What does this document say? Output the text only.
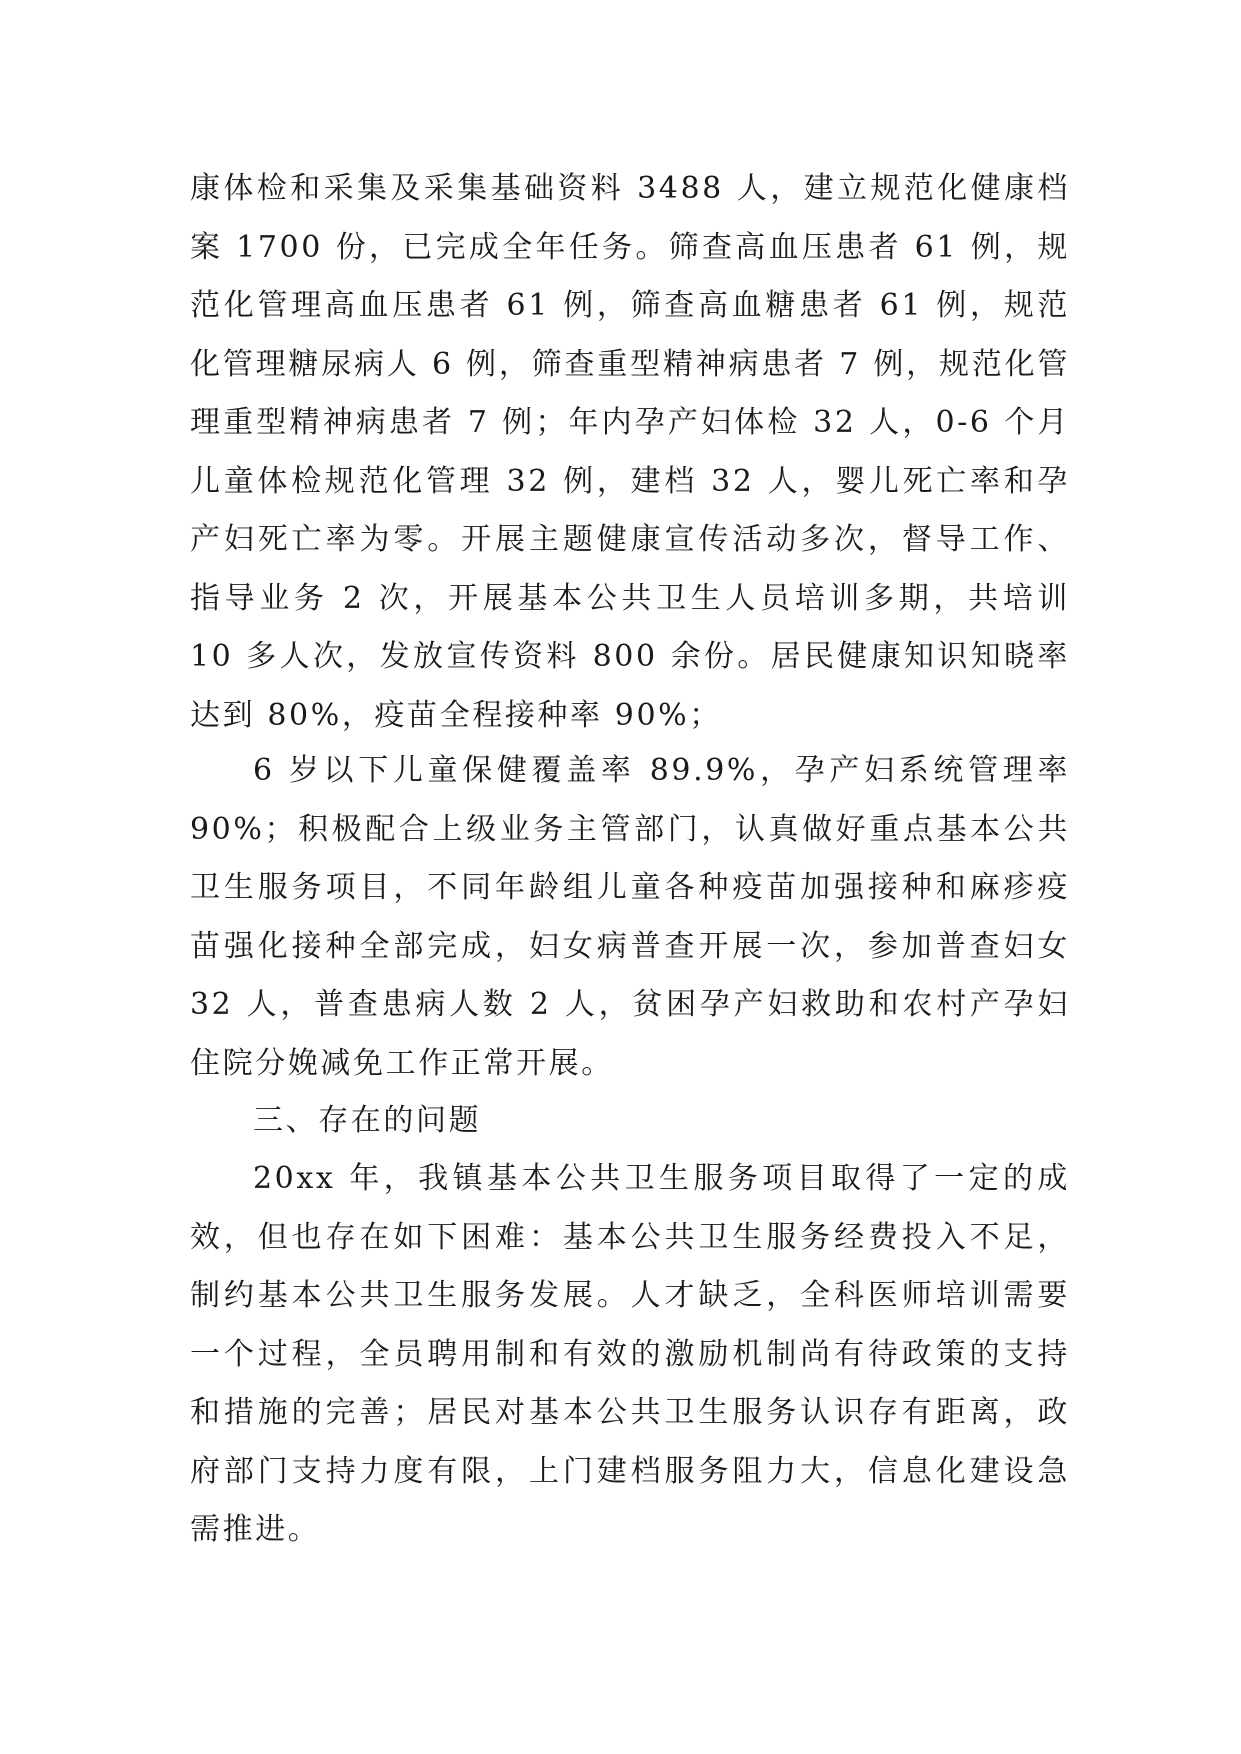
康体检和采集及采集基础资料 3488 人，建立规范化健康档案 1700 份，已完成全年任务。筛查高血压患者 61 例，规范化管理高血压患者 61 例，筛查高血糖患者 61 例，规范化管理糖尿病人 6 例，筛查重型精神病患者 7 例，规范化管理重型精神病患者 7 例；年内孕产妇体检 32 人，0-6 个月儿童体检规范化管理 32 例，建档 32 人，婴儿死亡率和孕产妇死亡率为零。开展主题健康宣传活动多次，督导工作、指导业务 2 次，开展基本公共卫生人员培训多期，共培训 10 多人次，发放宣传资料 800 余份。居民健康知识知晓率达到 80%，疫苗全程接种率 90%；

6 岁以下儿童保健覆盖率 89.9%，孕产妇系统管理率 90%；积极配合上级业务主管部门，认真做好重点基本公共卫生服务项目，不同年龄组儿童各种疫苗加强接种和麻疹疫苗强化接种全部完成，妇女病普查开展一次，参加普查妇女 32 人，普查患病人数 2 人，贫困孕产妇救助和农村产孕妇住院分娩减免工作正常开展。

三、存在的问题

20xx 年，我镇基本公共卫生服务项目取得了一定的成效，但也存在如下困难：基本公共卫生服务经费投入不足，制约基本公共卫生服务发展。人才缺乏，全科医师培训需要一个过程，全员聘用制和有效的激励机制尚有待政策的支持和措施的完善；居民对基本公共卫生服务认识存有距离，政府部门支持力度有限，上门建档服务阻力大，信息化建设急需推进。
